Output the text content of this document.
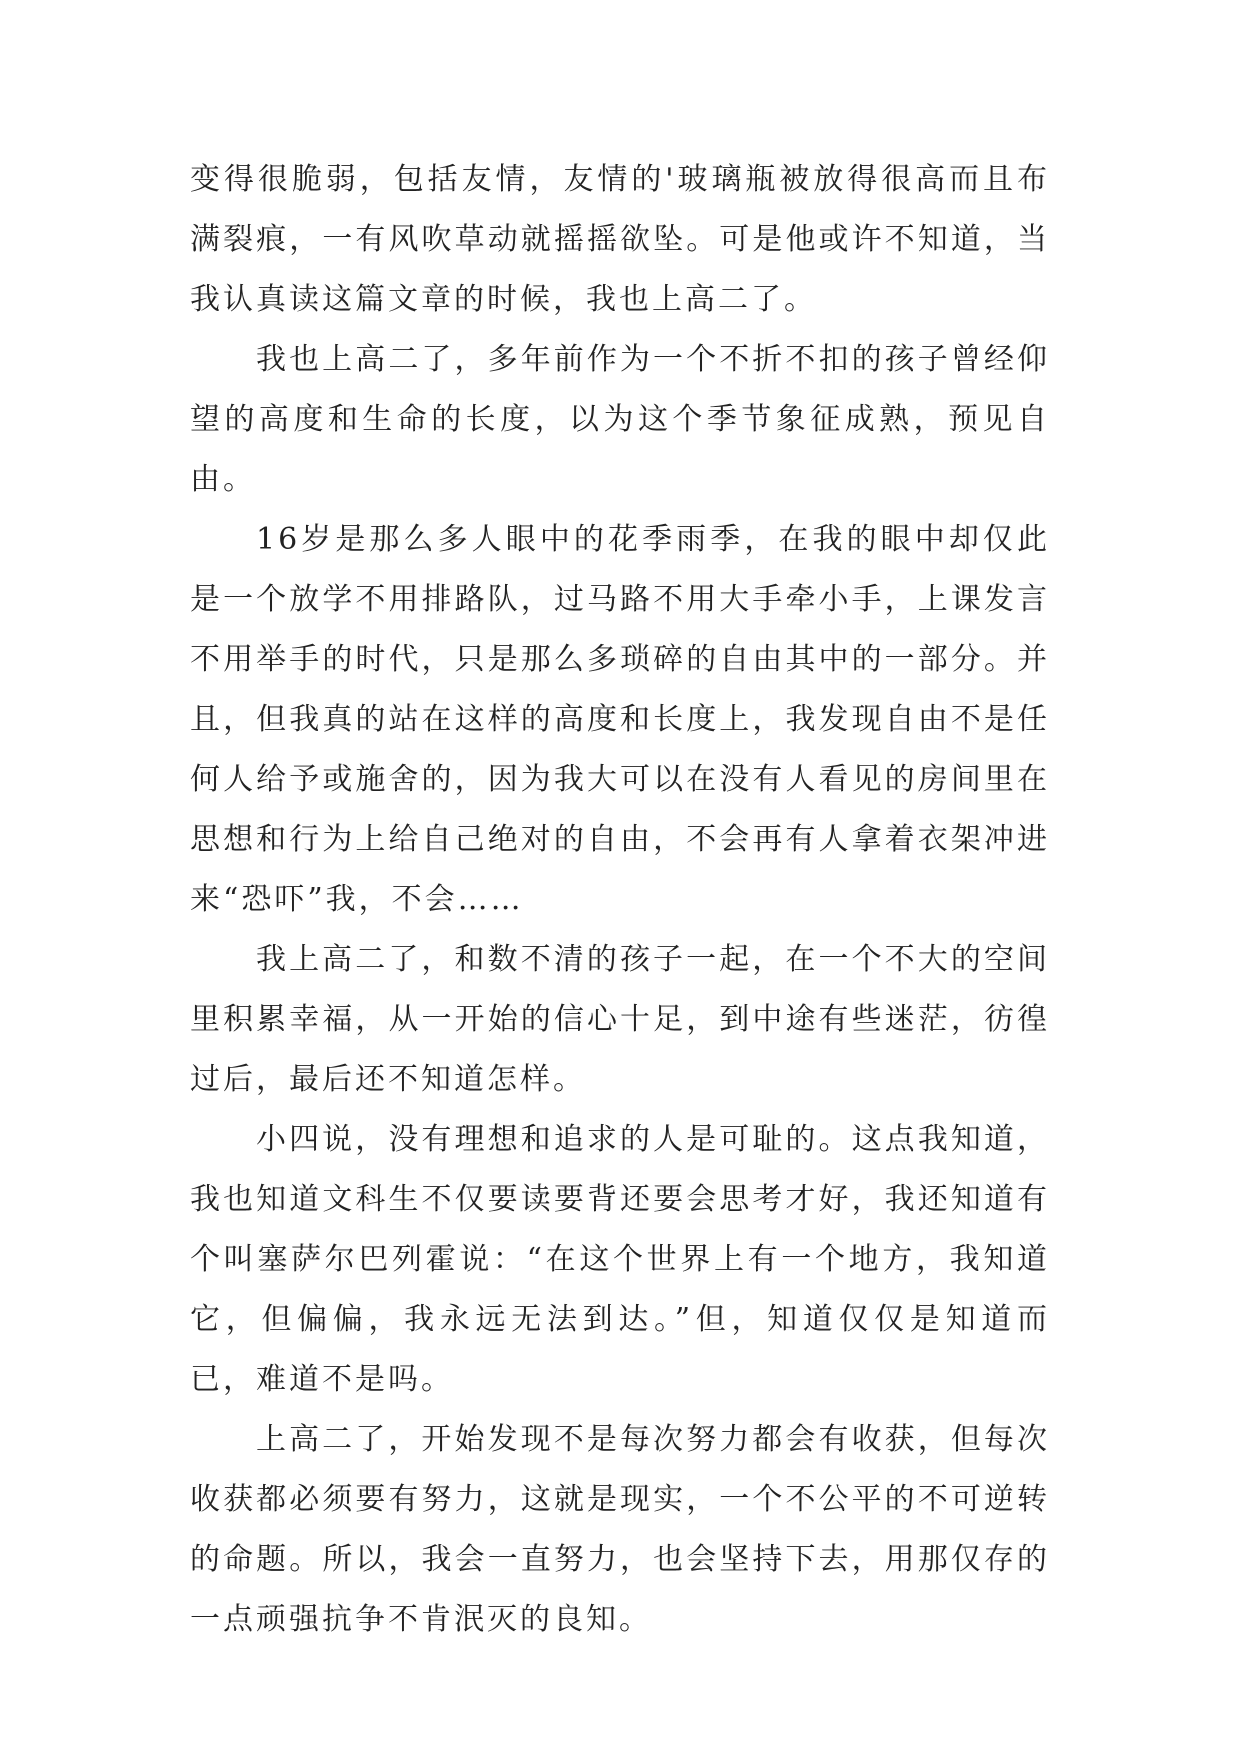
变得很脆弱，包括友情，友情的'玻璃瓶被放得很高而且布满裂痕，一有风吹草动就摇摇欲坠。可是他或许不知道，当我认真读这篇文章的时候，我也上高二了。

我也上高二了，多年前作为一个不折不扣的孩子曾经仰望的高度和生命的长度，以为这个季节象征成熟，预见自由。

16岁是那么多人眼中的花季雨季，在我的眼中却仅此是一个放学不用排路队，过马路不用大手牵小手，上课发言不用举手的时代，只是那么多琐碎的自由其中的一部分。并且，但我真的站在这样的高度和长度上，我发现自由不是任何人给予或施舍的，因为我大可以在没有人看见的房间里在思想和行为上给自己绝对的自由，不会再有人拿着衣架冲进来“恐吓”我，不会……

我上高二了，和数不清的孩子一起，在一个不大的空间里积累幸福，从一开始的信心十足，到中途有些迷茫，彷徨过后，最后还不知道怎样。

小四说，没有理想和追求的人是可耻的。这点我知道，我也知道文科生不仅要读要背还要会思考才好，我还知道有个叫塞萨尔巴列霍说：“在这个世界上有一个地方，我知道它，但偏偏，我永远无法到达。”但，知道仅仅是知道而已，难道不是吗。

上高二了，开始发现不是每次努力都会有收获，但每次收获都必须要有努力，这就是现实，一个不公平的不可逆转的命题。所以，我会一直努力，也会坚持下去，用那仅存的一点顽强抗争不肯泯灭的良知。
